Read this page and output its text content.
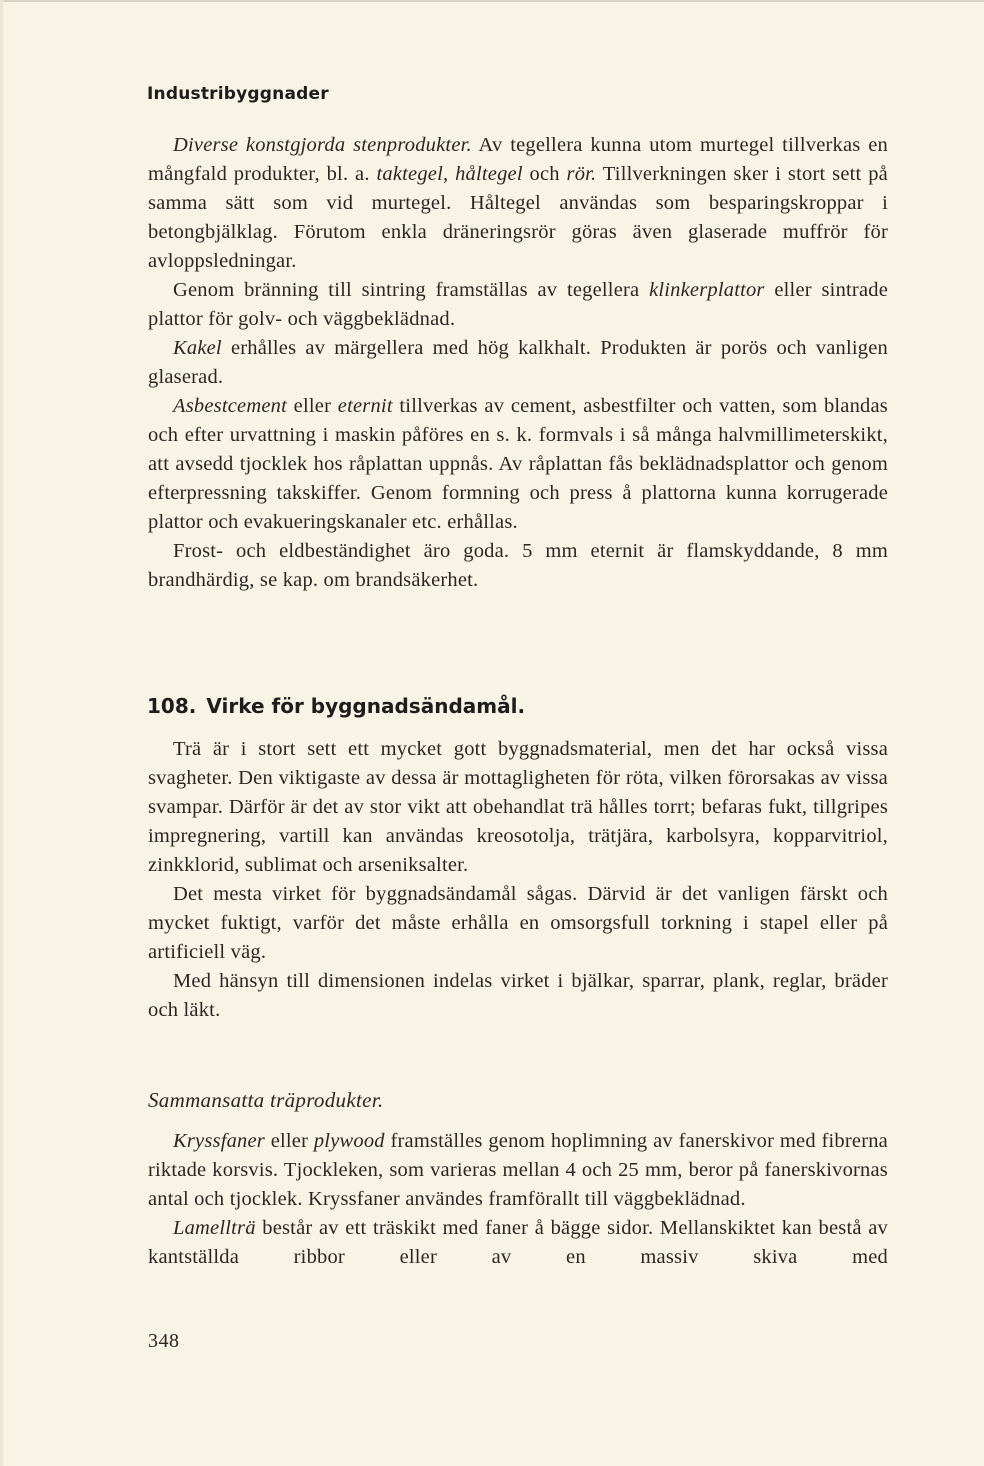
Industribyggnader

Diverse konstgjorda stenprodukter. Av tegellera kunna utom murtegel tillverkas en mångfald produkter, bl. a. taktegel, håltegel och rör. Tillverkningen sker i stort sett på samma sätt som vid murtegel. Håltegel användas som besparingskroppar i betongbjälklag. Förutom enkla dräneringsrör göras även glaserade muffrör för avloppsledningar.

Genom bränning till sintring framställas av tegellera klinkerplattor eller sintrade plattor för golv- och väggbeklädnad.

Kakel erhålles av märgellera med hög kalkhalt. Produkten är porös och vanligen glaserad.

Asbestcement eller eternit tillverkas av cement, asbestfilter och vatten, som blandas och efter urvattning i maskin påföres en s. k. formvals i så många halvmillimeterskikt, att avsedd tjocklek hos råplattan uppnås. Av råplattan fås beklädnadsplattor och genom efterpressning takskiffer. Genom formning och press å plattorna kunna korrugerade plattor och evakueringskanaler etc. erhållas.

Frost- och eldbeständighet äro goda. 5 mm eternit är flamskyddande, 8 mm brandhärdig, se kap. om brandsäkerhet.

108. Virke för byggnadsändamål.

Trä är i stort sett ett mycket gott byggnadsmaterial, men det har också vissa svagheter. Den viktigaste av dessa är mottagligheten för röta, vilken förorsakas av vissa svampar. Därför är det av stor vikt att obehandlat trä hålles torrt; befaras fukt, tillgripes impregnering, vartill kan användas kreosotolja, trätjära, karbolsyra, kopparvitriol, zinkklorid, sublimat och arseniksalter.

Det mesta virket för byggnadsändamål sågas. Därvid är det vanligen färskt och mycket fuktigt, varför det måste erhålla en omsorgsfull torkning i stapel eller på artificiell väg.

Med hänsyn till dimensionen indelas virket i bjälkar, sparrar, plank, reglar, bräder och läkt.

Sammansatta träprodukter.

Kryssfaner eller plywood framställes genom hoplimning av fanerskivor med fibrerna riktade korsvis. Tjockleken, som varieras mellan 4 och 25 mm, beror på fanerskivornas antal och tjocklek. Kryssfaner användes framförallt till väggbeklädnad.

Lamellträ består av ett träskikt med faner å bägge sidor. Mellanskiktet kan bestå av kantställda ribbor eller av en massiv skiva med

348
